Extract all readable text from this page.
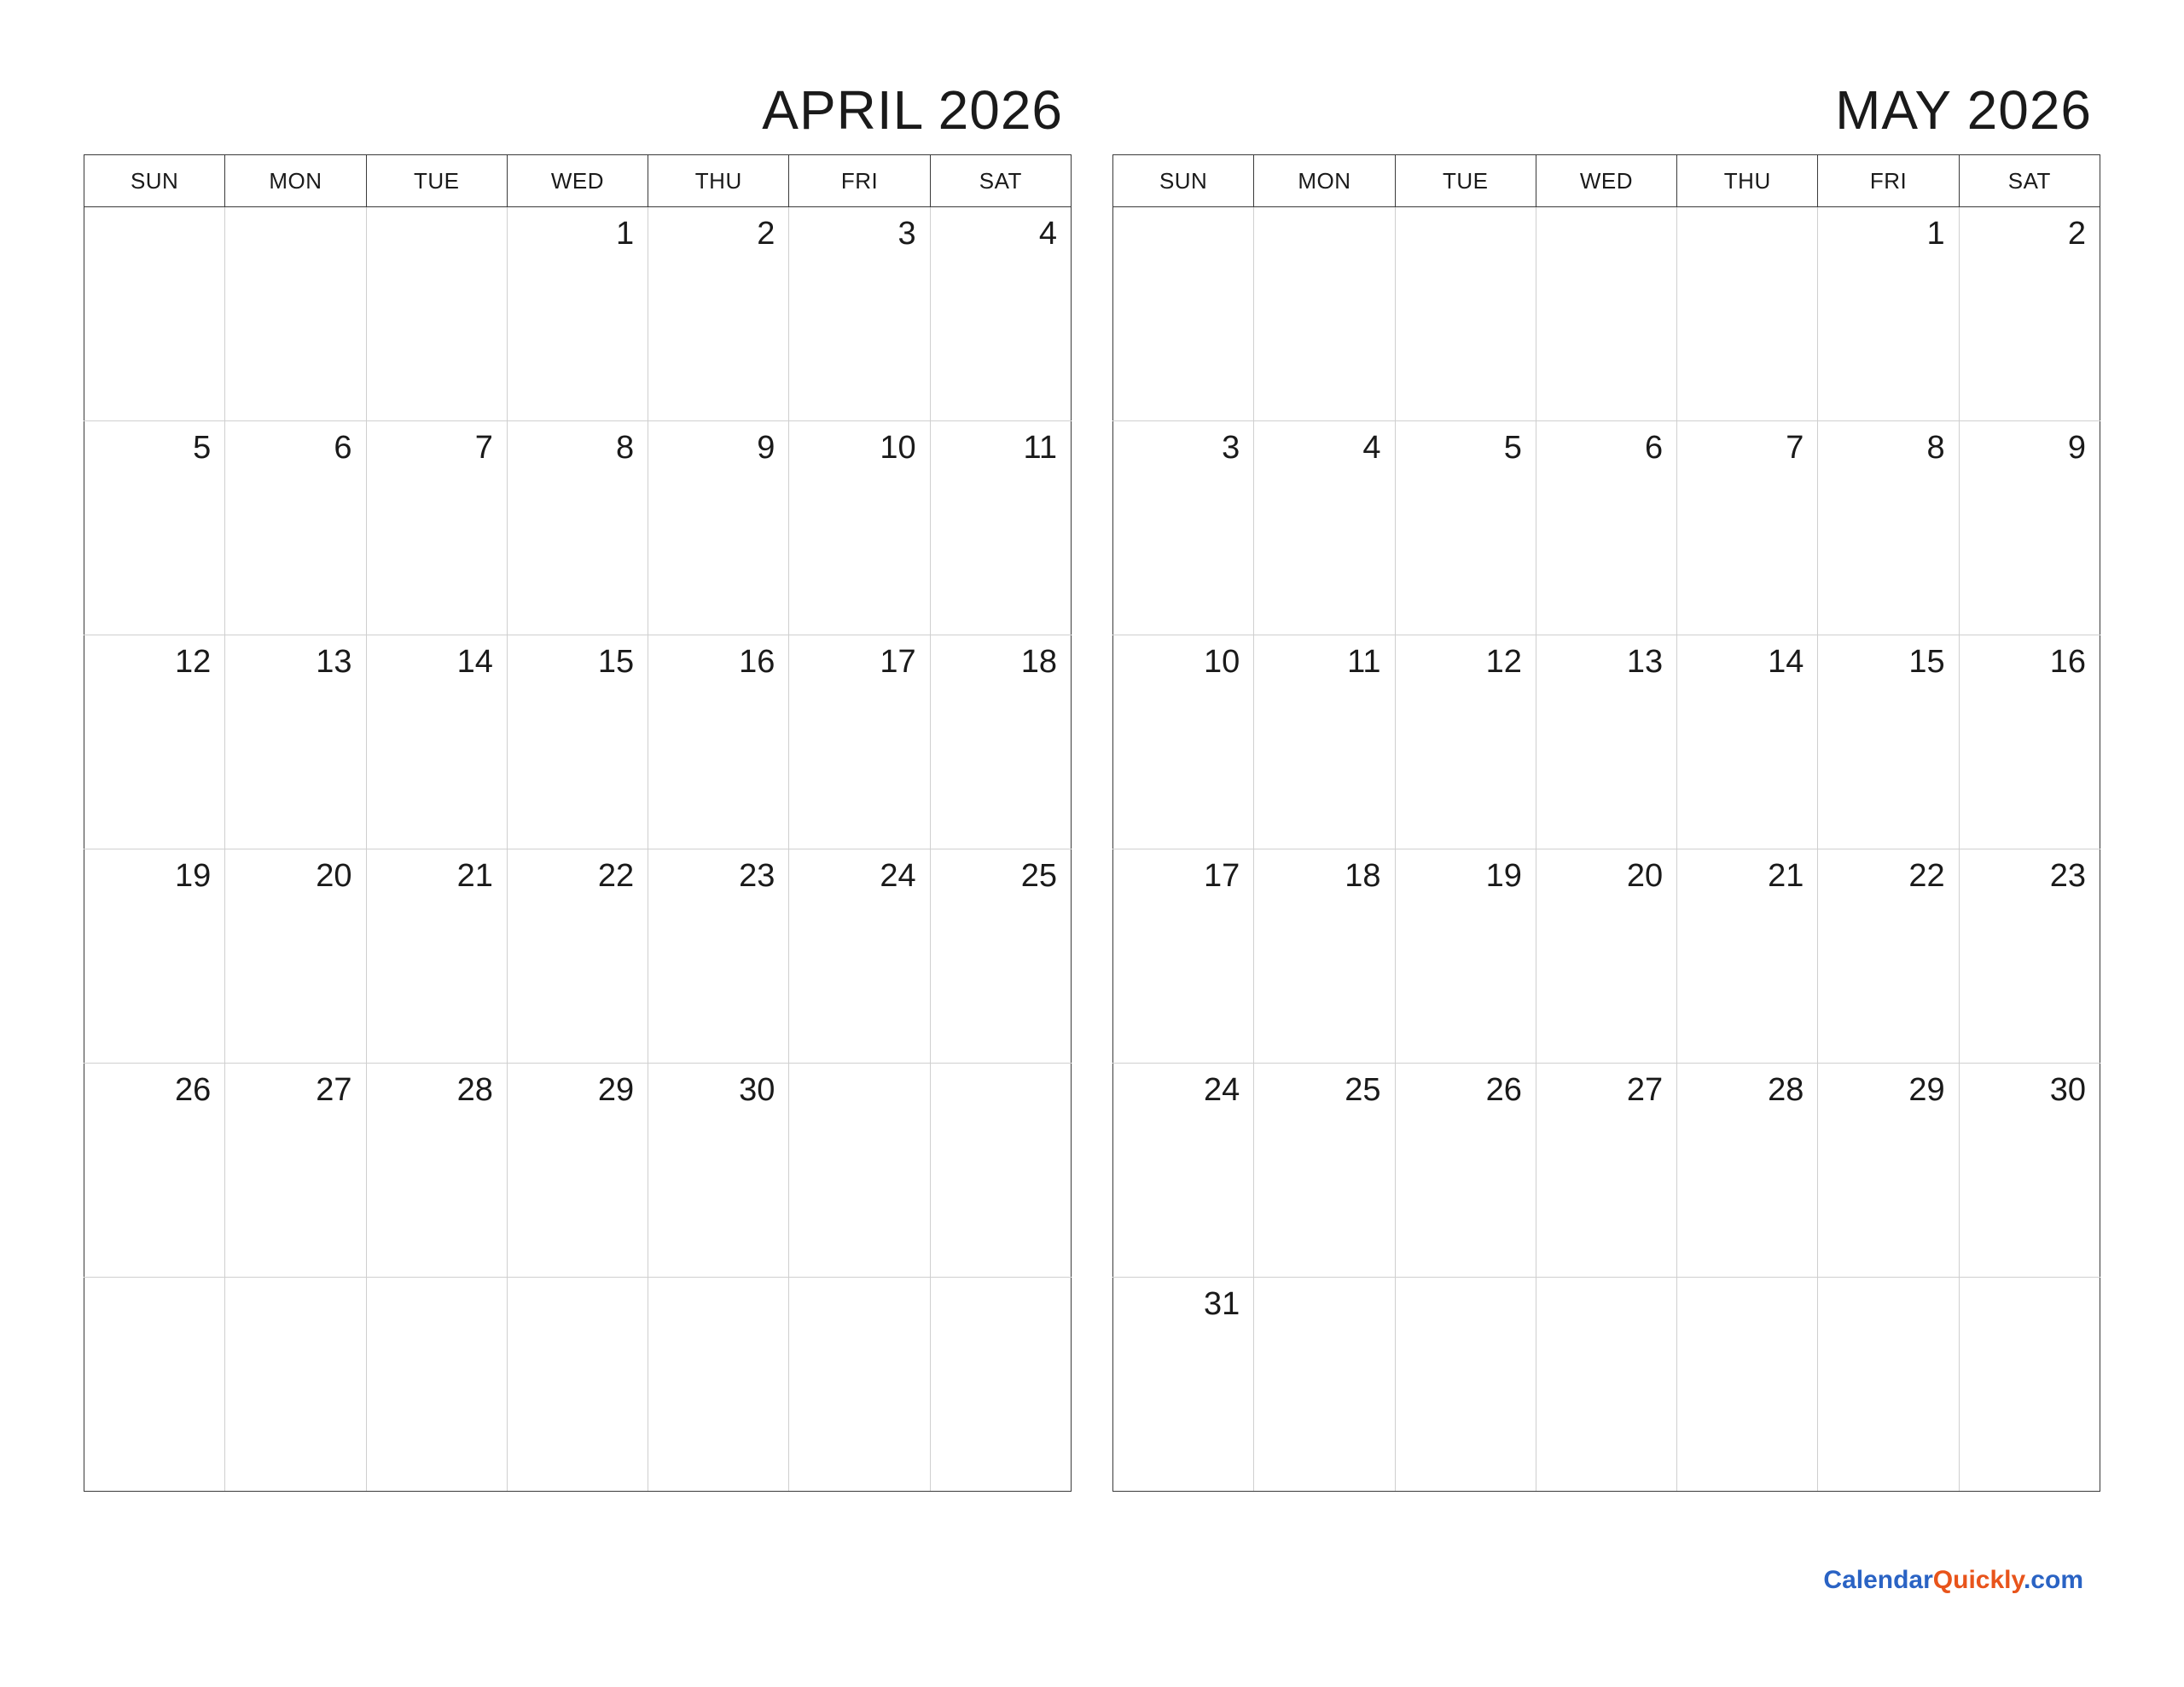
APRIL 2026
SUN	MON	TUE	WED	THU	FRI	SAT
			1	2	3	4
5	6	7	8	9	10	11
12	13	14	15	16	17	18
19	20	21	22	23	24	25
26	27	28	29	30		

MAY 2026
SUN	MON	TUE	WED	THU	FRI	SAT
					1	2
3	4	5	6	7	8	9
10	11	12	13	14	15	16
17	18	19	20	21	22	23
24	25	26	27	28	29	30
31						
CalendarQuickly.com
